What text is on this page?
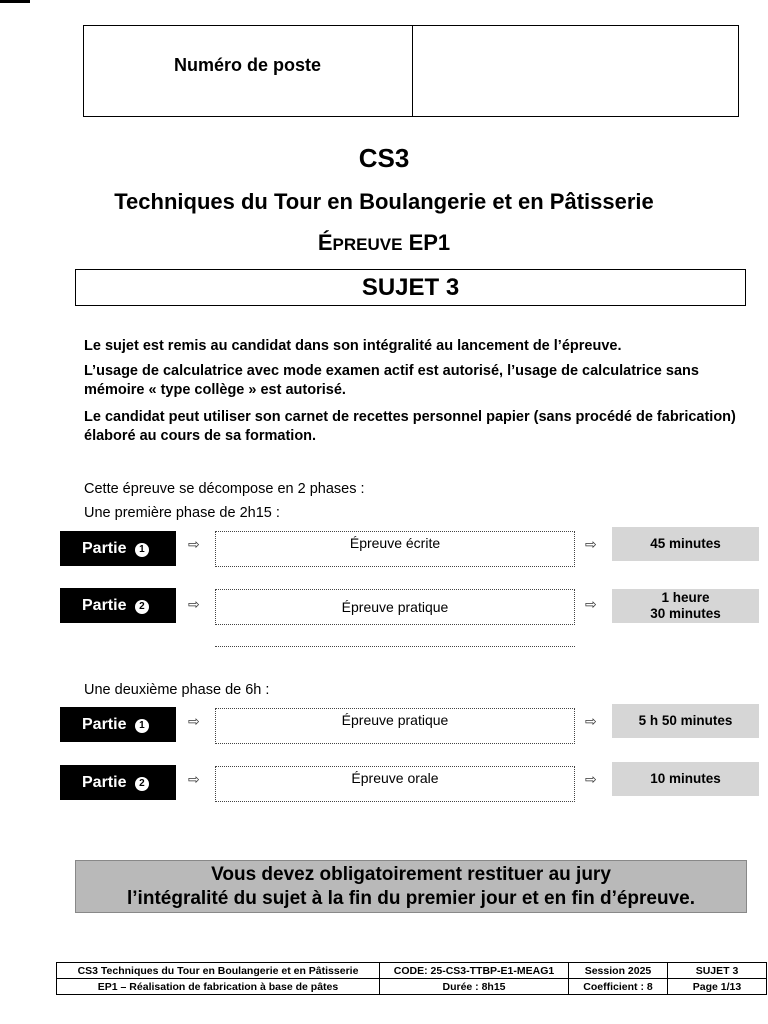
Numéro de poste
CS3
Techniques du Tour en Boulangerie et en Pâtisserie
ÉPREUVE EP1
SUJET 3
Le sujet est remis au candidat dans son intégralité au lancement de l’épreuve.
L’usage de calculatrice avec mode examen actif est autorisé, l’usage de calculatrice sans mémoire « type collège » est autorisé.
Le candidat peut utiliser son carnet de recettes personnel papier (sans procédé de fabrication) élaboré au cours de sa formation.
Cette épreuve se décompose en 2 phases :
Une première phase de 2h15 :
Partie 1	⇨	Épreuve écrite	⇨	45 minutes
Partie 2	⇨	Épreuve pratique	⇨	1 heure
30 minutes
Une deuxième phase de 6h :
Partie 1	⇨	Épreuve pratique	⇨	5 h 50 minutes
Partie 2	⇨	Épreuve orale	⇨	10 minutes
Vous devez obligatoirement restituer au jury
l’intégralité du sujet à la fin du premier jour et en fin d’épreuve.
CS3 Techniques du Tour en Boulangerie et en Pâtisserie	CODE: 25-CS3-TTBP-E1-MEAG1	Session 2025	SUJET 3
EP1 – Réalisation de fabrication à base de pâtes	Durée : 8h15	Coefficient : 8	Page 1/13
